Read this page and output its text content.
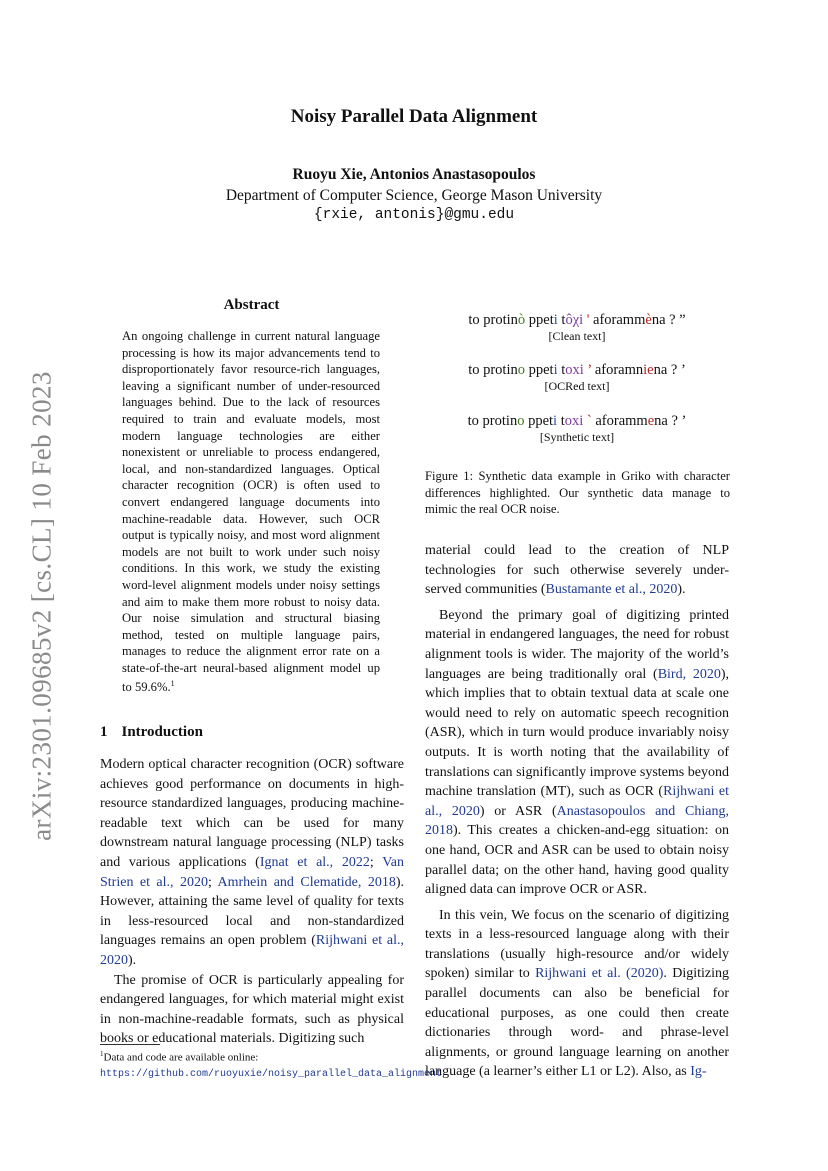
Noisy Parallel Data Alignment
Ruoyu Xie, Antonios Anastasopoulos
Department of Computer Science, George Mason University
{rxie, antonis}@gmu.edu
arXiv:2301.09685v2 [cs.CL] 10 Feb 2023
Abstract
An ongoing challenge in current natural language processing is how its major advancements tend to disproportionately favor resource-rich languages, leaving a significant number of under-resourced languages behind. Due to the lack of resources required to train and evaluate models, most modern language technologies are either nonexistent or unreliable to process endangered, local, and non-standardized languages. Optical character recognition (OCR) is often used to convert endangered language documents into machine-readable data. However, such OCR output is typically noisy, and most word alignment models are not built to work under such noisy conditions. In this work, we study the existing word-level alignment models under noisy settings and aim to make them more robust to noisy data. Our noise simulation and structural biasing method, tested on multiple language pairs, manages to reduce the alignment error rate on a state-of-the-art neural-based alignment model up to 59.6%.$^1$
1 Introduction

Modern optical character recognition (OCR) software achieves good performance on documents in high-resource standardized languages, producing machine-readable text which can be used for many downstream natural language processing (NLP) tasks and various applications (Ignat et al., 2022; Van Strien et al., 2020; Amrhein and Clematide, 2018). However, attaining the same level of quality for texts in less-resourced local and non-standardized languages remains an open problem (Rijhwani et al., 2020).

The promise of OCR is particularly appealing for endangered languages, for which material might exist in non-machine-readable formats, such as physical books or educational materials. Digitizing such

$^1$Data and code are available online: https://github.com/ruoyuxie/noisy_parallel_data_alignment
to protinò ppeti tôχi ' aforammèna ? ”
[Clean text]
to protino ppeti toxi ’ aforamniena ? ’
[OCRed text]
to protino ppeti toxi ` aforammena ? ’
[Synthetic text]
Figure 1: Synthetic data example in Griko with character differences highlighted. Our synthetic data manage to mimic the real OCR noise.

material could lead to the creation of NLP technologies for such otherwise severely under-served communities (Bustamante et al., 2020).

Beyond the primary goal of digitizing printed material in endangered languages, the need for robust alignment tools is wider. The majority of the world’s languages are being traditionally oral (Bird, 2020), which implies that to obtain textual data at scale one would need to rely on automatic speech recognition (ASR), which in turn would produce invariably noisy outputs. It is worth noting that the availability of translations can significantly improve systems beyond machine translation (MT), such as OCR (Rijhwani et al., 2020) or ASR (Anastasopoulos and Chiang, 2018). This creates a chicken-and-egg situation: on one hand, OCR and ASR can be used to obtain noisy parallel data; on the other hand, having good quality aligned data can improve OCR or ASR.

In this vein, We focus on the scenario of digitizing texts in a less-resourced language along with their translations (usually high-resource and/or widely spoken) similar to Rijhwani et al. (2020). Digitizing parallel documents can also be beneficial for educational purposes, as one could then create dictionaries through word- and phrase-level alignments, or ground language learning on another language (a learner’s either L1 or L2). Also, as Ig-
